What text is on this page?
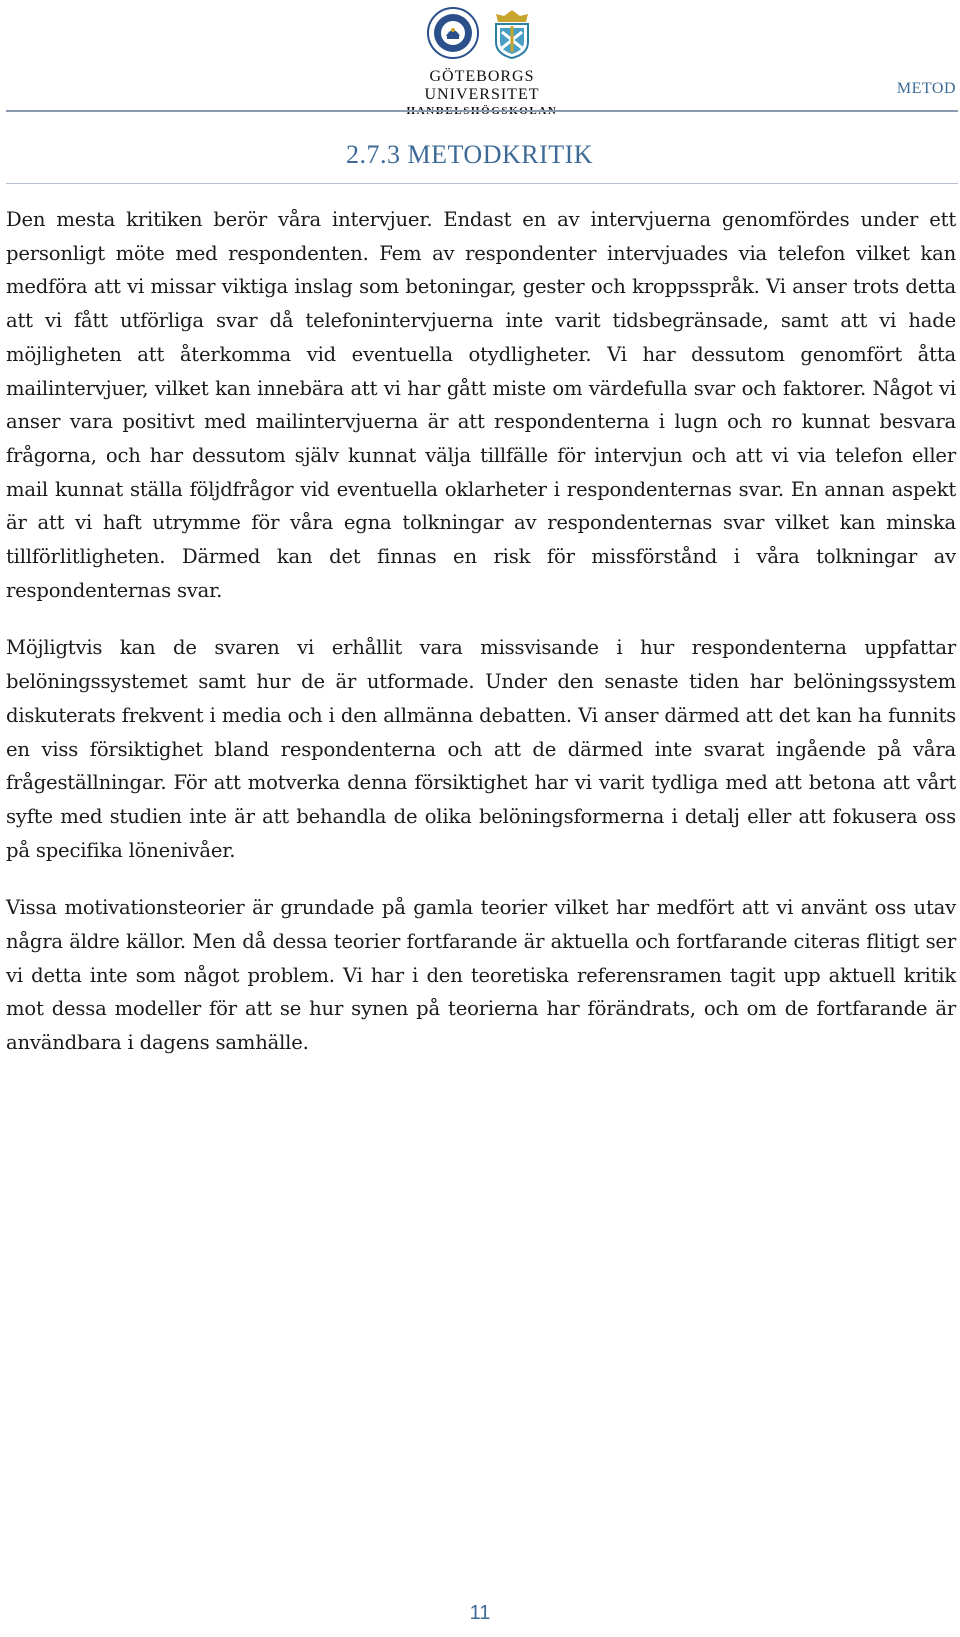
GÖTEBORGS UNIVERSITET	METOD
2.7.3 METODKRITIK

Den mesta kritiken berör våra intervjuer. Endast en av intervjuerna genomfördes under ett personligt möte med respondenten. Fem av respondenter intervjuades via telefon vilket kan medföra att vi missar viktiga inslag som betoningar, gester och kroppsspråk. Vi anser trots detta att vi fått utförliga svar då telefonintervjuerna inte varit tidsbegränsade, samt att vi hade möjligheten att återkomma vid eventuella otydligheter. Vi har dessutom genomfört åtta mailintervjuer, vilket kan innebära att vi har gått miste om värdefulla svar och faktorer. Något vi anser vara positivt med mailintervjuerna är att respondenterna i lugn och ro kunnat besvara frågorna, och har dessutom själv kunnat välja tillfälle för intervjun och att vi via telefon eller mail kunnat ställa följdfrågor vid eventuella oklarheter i respondenternas svar. En annan aspekt är att vi haft utrymme för våra egna tolkningar av respondenternas svar vilket kan minska tillförlitligheten. Därmed kan det finnas en risk för missförstånd i våra tolkningar av respondenternas svar.

Möjligtvis kan de svaren vi erhållit vara missvisande i hur respondenterna uppfattar belöningssystemet samt hur de är utformade. Under den senaste tiden har belöningssystem diskuterats frekvent i media och i den allmänna debatten. Vi anser därmed att det kan ha funnits en viss försiktighet bland respondenterna och att de därmed inte svarat ingående på våra frågeställningar. För att motverka denna försiktighet har vi varit tydliga med att betona att vårt syfte med studien inte är att behandla de olika belöningsformerna i detalj eller att fokusera oss på specifika lönenivåer.

Vissa motivationsteorier är grundade på gamla teorier vilket har medfört att vi använt oss utav några äldre källor. Men då dessa teorier fortfarande är aktuella och fortfarande citeras flitigt ser vi detta inte som något problem. Vi har i den teoretiska referensramen tagit upp aktuell kritik mot dessa modeller för att se hur synen på teorierna har förändrats, och om de fortfarande är användbara i dagens samhälle.

11
